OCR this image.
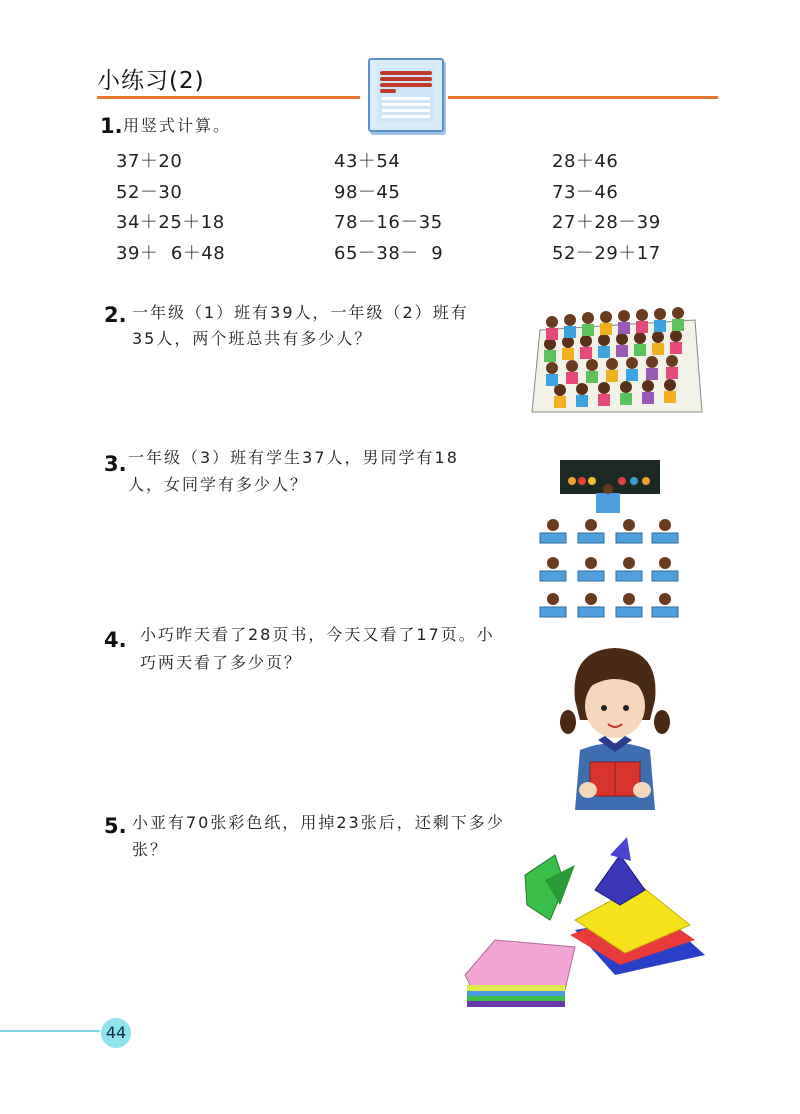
小练习(2)
1. 用竖式计算。
37＋20	43＋54	28＋46
52－30	98－45	73－46
34＋25＋18	78－16－35	27＋28－39
39＋  6＋48	65－38－  9	52－29＋17
2. 一年级（1）班有39人，一年级（2）班有
35人，两个班总共有多少人？
3. 一年级（3）班有学生37人，男同学有18
人，女同学有多少人？
4. 小巧昨天看了28页书，今天又看了17页。小
巧两天看了多少页？
5. 小亚有70张彩色纸，用掉23张后，还剩下多少
张？
44
